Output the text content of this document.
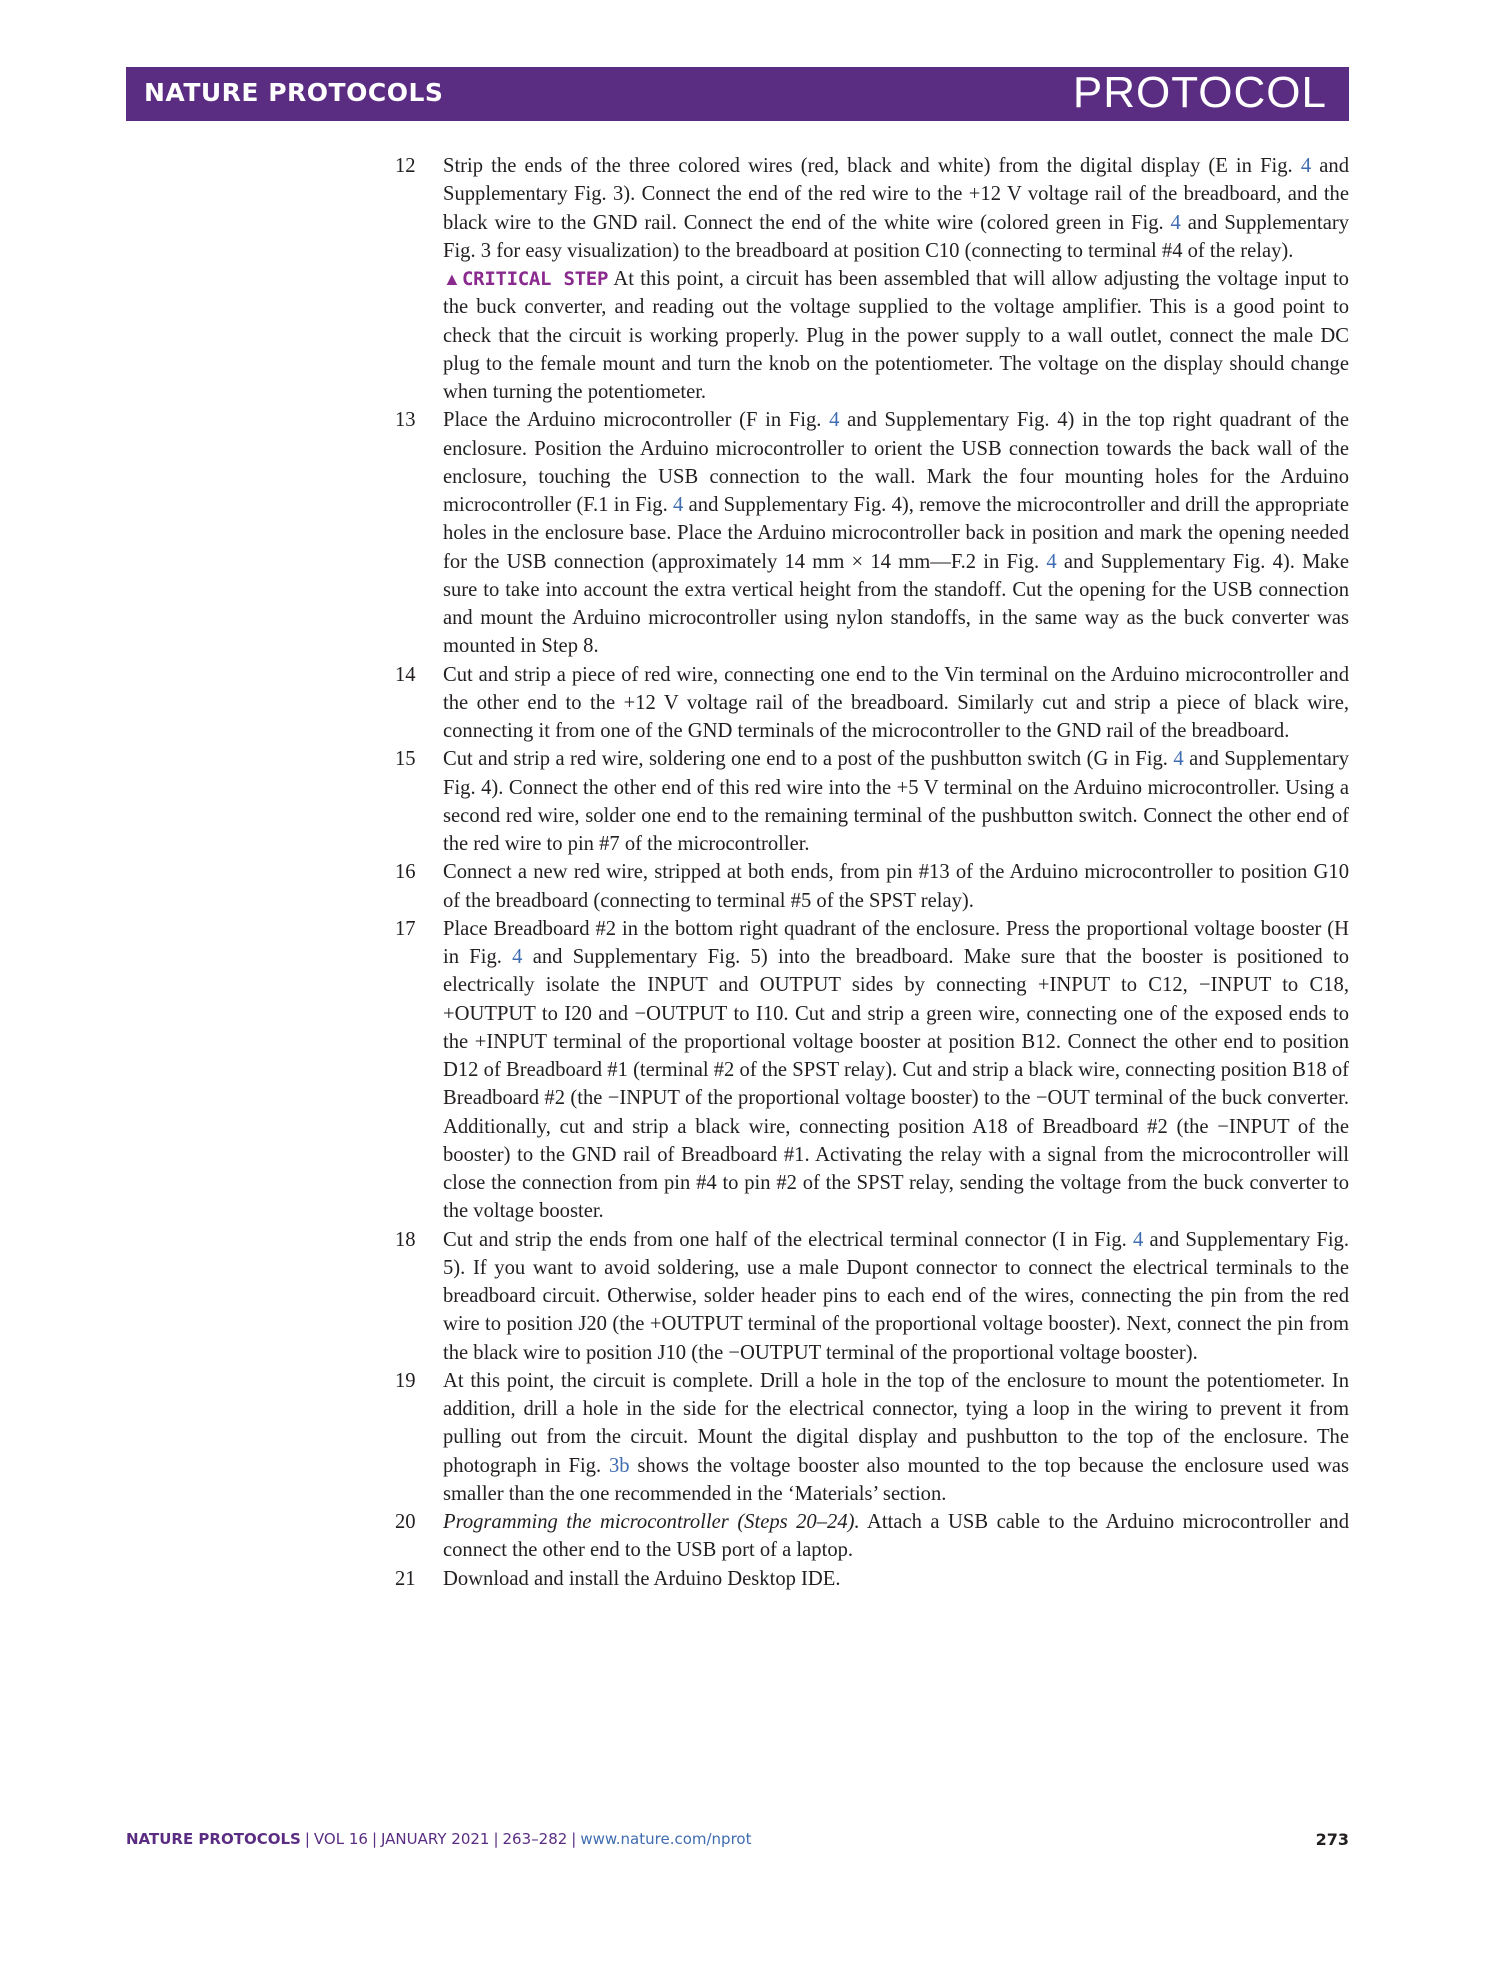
NATURE PROTOCOLS	PROTOCOL

12	Strip the ends of the three colored wires (red, black and white) from the digital display (E in Fig. 4 and Supplementary Fig. 3). Connect the end of the red wire to the +12 V voltage rail of the breadboard, and the black wire to the GND rail. Connect the end of the white wire (colored green in Fig. 4 and Supplementary Fig. 3 for easy visualization) to the breadboard at position C10 (connecting to terminal #4 of the relay).

▲CRITICAL STEP At this point, a circuit has been assembled that will allow adjusting the voltage input to the buck converter, and reading out the voltage supplied to the voltage amplifier. This is a good point to check that the circuit is working properly. Plug in the power supply to a wall outlet, connect the male DC plug to the female mount and turn the knob on the potentiometer. The voltage on the display should change when turning the potentiometer.

13	Place the Arduino microcontroller (F in Fig. 4 and Supplementary Fig. 4) in the top right quadrant of the enclosure. Position the Arduino microcontroller to orient the USB connection towards the back wall of the enclosure, touching the USB connection to the wall. Mark the four mounting holes for the Arduino microcontroller (F.1 in Fig. 4 and Supplementary Fig. 4), remove the microcontroller and drill the appropriate holes in the enclosure base. Place the Arduino microcontroller back in position and mark the opening needed for the USB connection (approximately 14 mm × 14 mm—F.2 in Fig. 4 and Supplementary Fig. 4). Make sure to take into account the extra vertical height from the standoff. Cut the opening for the USB connection and mount the Arduino microcontroller using nylon standoffs, in the same way as the buck converter was mounted in Step 8.

14	Cut and strip a piece of red wire, connecting one end to the Vin terminal on the Arduino microcontroller and the other end to the +12 V voltage rail of the breadboard. Similarly cut and strip a piece of black wire, connecting it from one of the GND terminals of the microcontroller to the GND rail of the breadboard.

15	Cut and strip a red wire, soldering one end to a post of the pushbutton switch (G in Fig. 4 and Supplementary Fig. 4). Connect the other end of this red wire into the +5 V terminal on the Arduino microcontroller. Using a second red wire, solder one end to the remaining terminal of the pushbutton switch. Connect the other end of the red wire to pin #7 of the microcontroller.

16	Connect a new red wire, stripped at both ends, from pin #13 of the Arduino microcontroller to position G10 of the breadboard (connecting to terminal #5 of the SPST relay).

17	Place Breadboard #2 in the bottom right quadrant of the enclosure. Press the proportional voltage booster (H in Fig. 4 and Supplementary Fig. 5) into the breadboard. Make sure that the booster is positioned to electrically isolate the INPUT and OUTPUT sides by connecting +INPUT to C12, −INPUT to C18, +OUTPUT to I20 and −OUTPUT to I10. Cut and strip a green wire, connecting one of the exposed ends to the +INPUT terminal of the proportional voltage booster at position B12. Connect the other end to position D12 of Breadboard #1 (terminal #2 of the SPST relay). Cut and strip a black wire, connecting position B18 of Breadboard #2 (the −INPUT of the proportional voltage booster) to the −OUT terminal of the buck converter. Additionally, cut and strip a black wire, connecting position A18 of Breadboard #2 (the −INPUT of the booster) to the GND rail of Breadboard #1. Activating the relay with a signal from the microcontroller will close the connection from pin #4 to pin #2 of the SPST relay, sending the voltage from the buck converter to the voltage booster.

18	Cut and strip the ends from one half of the electrical terminal connector (I in Fig. 4 and Supplementary Fig. 5). If you want to avoid soldering, use a male Dupont connector to connect the electrical terminals to the breadboard circuit. Otherwise, solder header pins to each end of the wires, connecting the pin from the red wire to position J20 (the +OUTPUT terminal of the proportional voltage booster). Next, connect the pin from the black wire to position J10 (the −OUTPUT terminal of the proportional voltage booster).

19	At this point, the circuit is complete. Drill a hole in the top of the enclosure to mount the potentiometer. In addition, drill a hole in the side for the electrical connector, tying a loop in the wiring to prevent it from pulling out from the circuit. Mount the digital display and pushbutton to the top of the enclosure. The photograph in Fig. 3b shows the voltage booster also mounted to the top because the enclosure used was smaller than the one recommended in the ‘Materials’ section.

20	Programming the microcontroller (Steps 20–24). Attach a USB cable to the Arduino microcontroller and connect the other end to the USB port of a laptop.

21	Download and install the Arduino Desktop IDE.

NATURE PROTOCOLS | VOL 16 | JANUARY 2021 | 263–282 | www.nature.com/nprot	273
